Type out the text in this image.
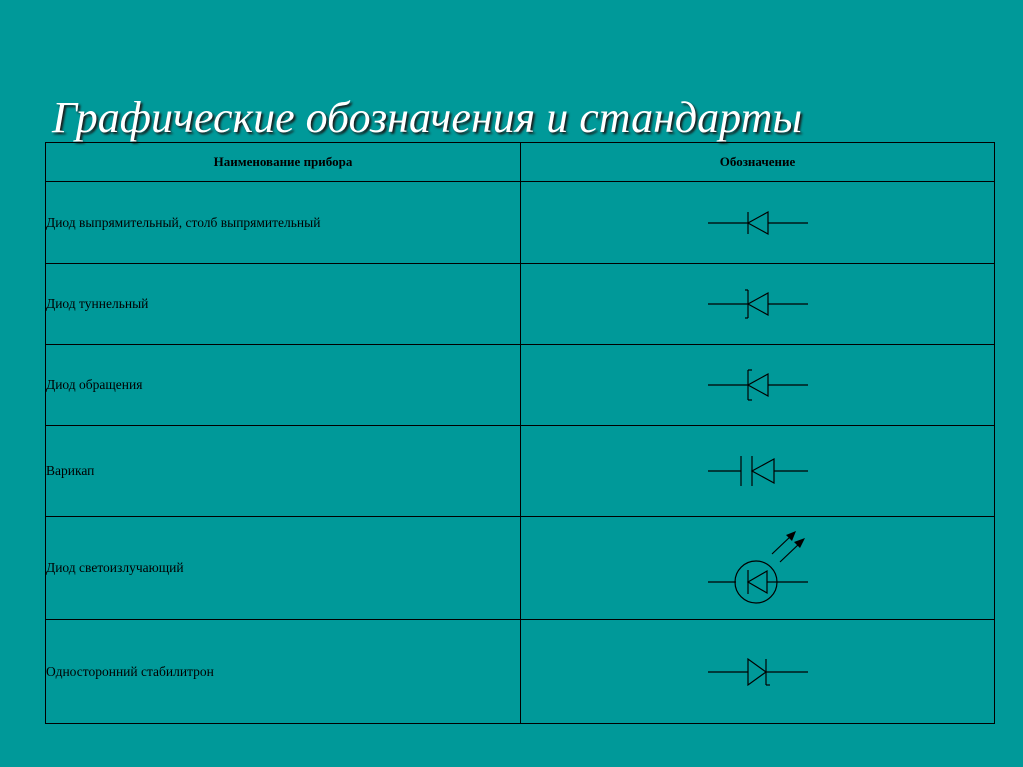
Графические обозначения и стандарты
Наименование прибора	Обозначение
Диод выпрямительный, столб выпрямительный	

Диод туннельный	

Диод обращения	

Варикап	

Диод светоизлучающий	

Односторонний стабилитрон	
